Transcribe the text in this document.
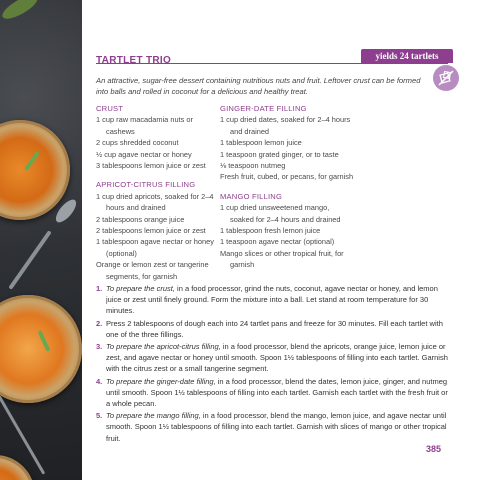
TARTLET TRIO	yields 24 tartlets
An attractive, sugar-free dessert containing nutritious nuts and fruit. Leftover crust can be formed into balls and rolled in coconut for a delicious and healthy treat.
CRUST
1 cup raw macadamia nuts or cashews
2 cups shredded coconut
½ cup agave nectar or honey
3 tablespoons lemon juice or zest
APRICOT-CITRUS FILLING
1 cup dried apricots, soaked for 2–4 hours and drained
2 tablespoons orange juice
2 tablespoons lemon juice or zest
1 tablespoon agave nectar or honey (optional)
Orange or lemon zest or tangerine segments, for garnish
GINGER-DATE FILLING
1 cup dried dates, soaked for 2–4 hours and drained
1 tablespoon lemon juice
1 teaspoon grated ginger, or to taste
⅛ teaspoon nutmeg
Fresh fruit, cubed, or pecans, for garnish
MANGO FILLING
1 cup dried unsweetened mango, soaked for 2–4 hours and drained
1 tablespoon fresh lemon juice
1 teaspoon agave nectar (optional)
Mango slices or other tropical fruit, for garnish
1. To prepare the crust, in a food processor, grind the nuts, coconut, agave nectar or honey, and lemon juice or zest until finely ground. Form the mixture into a ball. Let stand at room temperature for 30 minutes.
2. Press 2 tablespoons of dough each into 24 tartlet pans and freeze for 30 minutes. Fill each tartlet with one of the three fillings.
3. To prepare the apricot-citrus filling, in a food processor, blend the apricots, orange juice, lemon juice or zest, and agave nectar or honey until smooth. Spoon 1½ tablespoons of filling into each tartlet. Garnish with the citrus zest or a small tangerine segment.
4. To prepare the ginger-date filling, in a food processor, blend the dates, lemon juice, ginger, and nutmeg until smooth. Spoon 1½ tablespoons of filling into each tartlet. Garnish each tartlet with the fresh fruit or a whole pecan.
5. To prepare the mango filling, in a food processor, blend the mango, lemon juice, and agave nectar until smooth. Spoon 1½ tablespoons of filling into each tartlet. Garnish with slices of mango or other tropical fruit.
385
